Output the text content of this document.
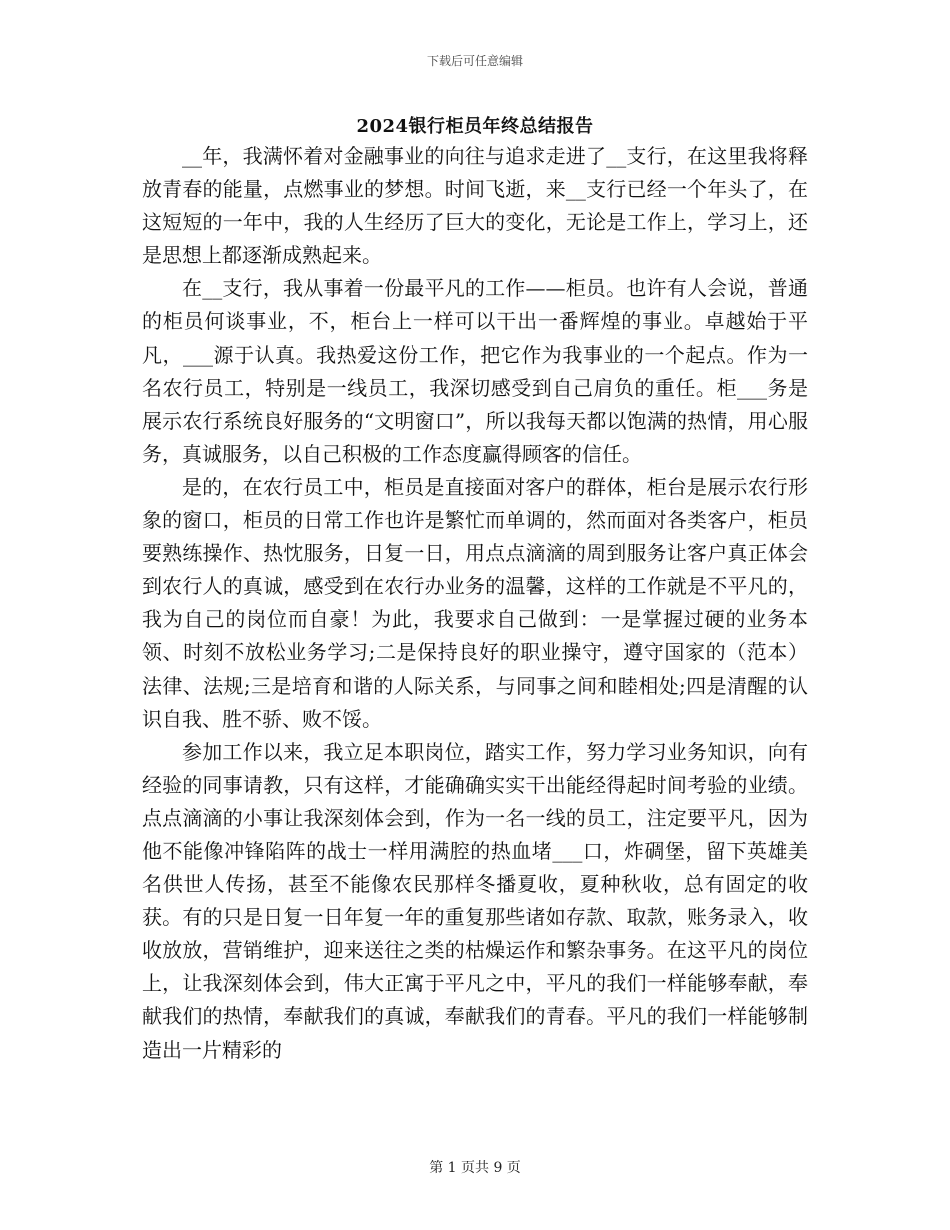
下载后可任意编辑
2024银行柜员年终总结报告

__年，我满怀着对金融事业的向往与追求走进了__支行，在这里我将释放青春的能量，点燃事业的梦想。时间飞逝，来__支行已经一个年头了，在这短短的一年中，我的人生经历了巨大的变化，无论是工作上，学习上，还是思想上都逐渐成熟起来。

在__支行，我从事着一份最平凡的工作——柜员。也许有人会说，普通的柜员何谈事业，不，柜台上一样可以干出一番辉煌的事业。卓越始于平凡，___源于认真。我热爱这份工作，把它作为我事业的一个起点。作为一名农行员工，特别是一线员工，我深切感受到自己肩负的重任。柜___务是展示农行系统良好服务的“文明窗口”，所以我每天都以饱满的热情，用心服务，真诚服务，以自己积极的工作态度赢得顾客的信任。

是的，在农行员工中，柜员是直接面对客户的群体，柜台是展示农行形象的窗口，柜员的日常工作也许是繁忙而单调的，然而面对各类客户，柜员要熟练操作、热忱服务，日复一日，用点点滴滴的周到服务让客户真正体会到农行人的真诚，感受到在农行办业务的温馨，这样的工作就是不平凡的，我为自己的岗位而自豪！为此，我要求自己做到：一是掌握过硬的业务本领、时刻不放松业务学习;二是保持良好的职业操守，遵守国家的（范本）法律、法规;三是培育和谐的人际关系，与同事之间和睦相处;四是清醒的认识自我、胜不骄、败不馁。

参加工作以来，我立足本职岗位，踏实工作，努力学习业务知识，向有经验的同事请教，只有这样，才能确确实实干出能经得起时间考验的业绩。点点滴滴的小事让我深刻体会到，作为一名一线的员工，注定要平凡，因为他不能像冲锋陷阵的战士一样用满腔的热血堵___口，炸碉堡，留下英雄美名供世人传扬，甚至不能像农民那样冬播夏收，夏种秋收，总有固定的收获。有的只是日复一日年复一年的重复那些诸如存款、取款，账务录入，收收放放，营销维护，迎来送往之类的枯燥运作和繁杂事务。在这平凡的岗位上，让我深刻体会到，伟大正寓于平凡之中，平凡的我们一样能够奉献，奉献我们的热情，奉献我们的真诚，奉献我们的青春。平凡的我们一样能够制造出一片精彩的

第 1 页共 9 页
